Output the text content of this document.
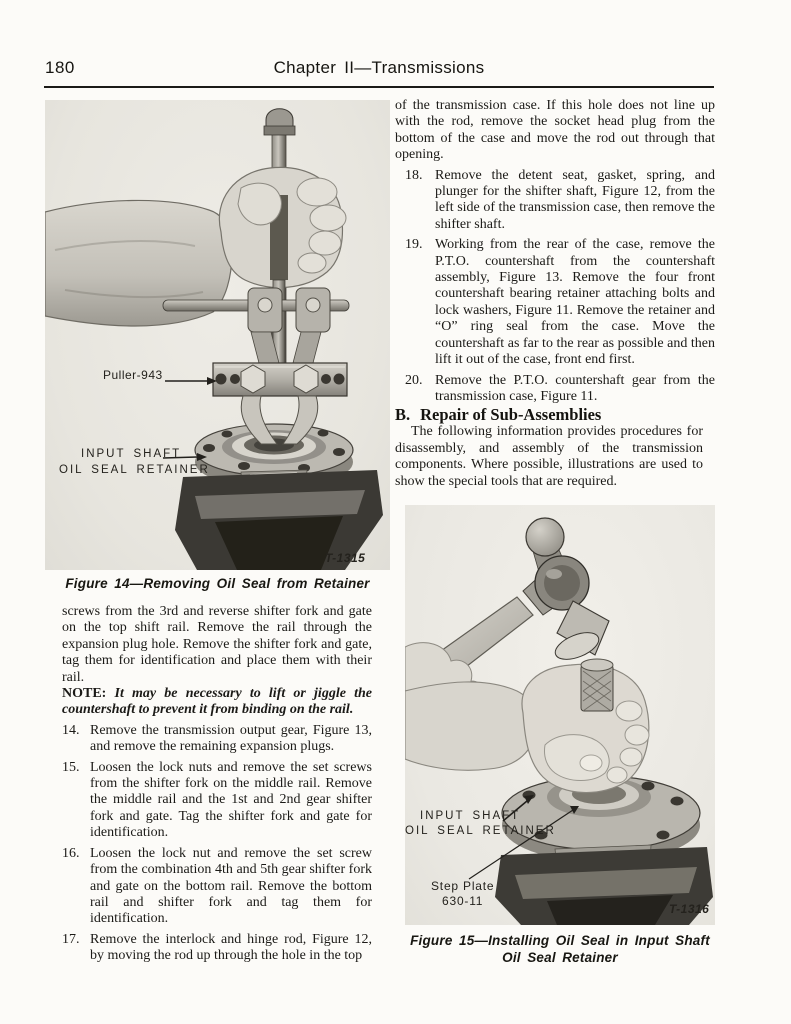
180	Chapter II—Transmissions
Puller-943
INPUT SHAFT
OIL SEAL RETAINER
T-1315
Figure 14—Removing Oil Seal from Retainer

screws from the 3rd and reverse shifter fork and gate on the top shift rail. Remove the rail through the expansion plug hole. Remove the shifter fork and gate, tag them for identification and place them with their rail.

NOTE: It may be necessary to lift or jiggle the countershaft to prevent it from binding on the rail.

14. Remove the transmission output gear, Figure 13, and remove the remaining expansion plugs.
15. Loosen the lock nuts and remove the set screws from the shifter fork on the middle rail. Remove the middle rail and the 1st and 2nd gear shifter fork and gate. Tag the shifter fork and gate for identification.
16. Loosen the lock nut and remove the set screw from the combination 4th and 5th gear shifter fork and gate on the bottom rail. Remove the bottom rail and shifter fork and tag them for identification.
17. Remove the interlock and hinge rod, Figure 12, by moving the rod up through the hole in the top

of the transmission case. If this hole does not line up with the rod, remove the socket head plug from the bottom of the case and move the rod out through that opening.

18. Remove the detent seat, gasket, spring, and plunger for the shifter shaft, Figure 12, from the left side of the transmission case, then remove the shifter shaft.
19. Working from the rear of the case, remove the P.T.O. countershaft from the countershaft assembly, Figure 13. Remove the four front countershaft bearing retainer attaching bolts and lock washers, Figure 11. Remove the retainer and “O” ring seal from the case. Move the countershaft as far to the rear as possible and then lift it out of the case, front end first.
20. Remove the P.T.O. countershaft gear from the transmission case, Figure 11.

B. Repair of Sub-Assemblies

The following information provides procedures for disassembly, and assembly of the transmission components. Where possible, illustrations are used to show the special tools that are required.

INPUT SHAFT
OIL SEAL RETAINER
Step Plate
630-11
T-1316
Figure 15—Installing Oil Seal in Input Shaft
Oil Seal Retainer
